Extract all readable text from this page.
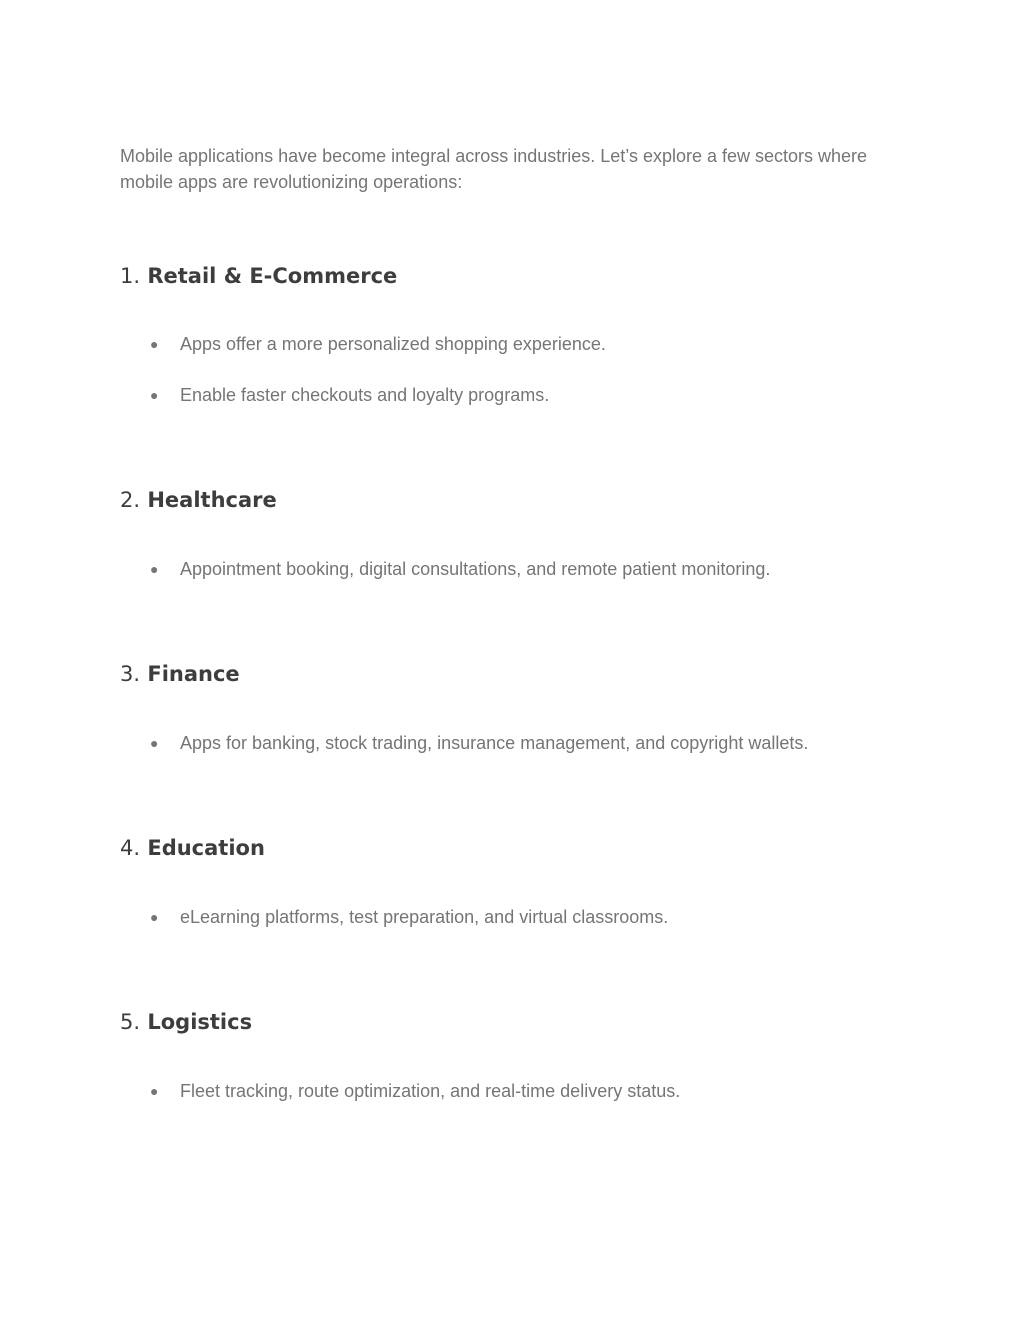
Mobile applications have become integral across industries. Let’s explore a few sectors where mobile apps are revolutionizing operations:

1. Retail & E-Commerce
● Apps offer a more personalized shopping experience.
● Enable faster checkouts and loyalty programs.
2. Healthcare
● Appointment booking, digital consultations, and remote patient monitoring.
3. Finance
● Apps for banking, stock trading, insurance management, and copyright wallets.
4. Education
● eLearning platforms, test preparation, and virtual classrooms.
5. Logistics
● Fleet tracking, route optimization, and real-time delivery status.
